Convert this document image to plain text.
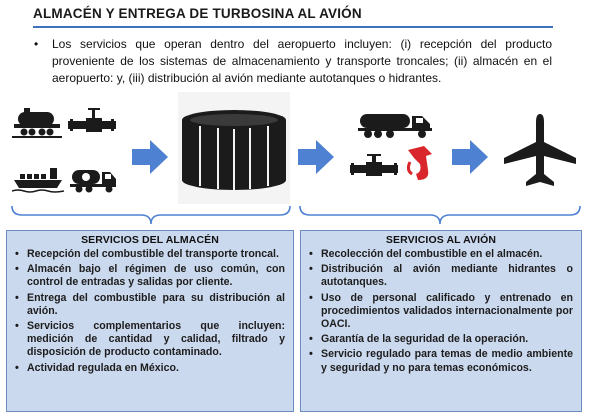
ALMACÉN Y ENTREGA DE TURBOSINA AL AVIÓN
• Los servicios que operan dentro del aeropuerto incluyen: (i) recepción del producto proveniente de los sistemas de almacenamiento y transporte troncales; (ii) almacén en el aeropuerto: y, (iii) distribución al avión mediante autotanques o hidrantes.
SERVICIOS DEL ALMACÉN
• Recepción del combustible del transporte troncal.
• Almacén bajo el régimen de uso común, con control de entradas y salidas por cliente.
• Entrega del combustible para su distribución al avión.
• Servicios complementarios que incluyen: medición de cantidad y calidad, filtrado y disposición de producto contaminado.
• Actividad regulada en México.
SERVICIOS AL AVIÓN
• Recolección del combustible en el almacén.
• Distribución al avión mediante hidrantes o autotanques.
• Uso de personal calificado y entrenado en procedimientos validados internacionalmente por OACI.
• Garantía de la seguridad de la operación.
• Servicio regulado para temas de medio ambiente y seguridad y no para temas económicos.
